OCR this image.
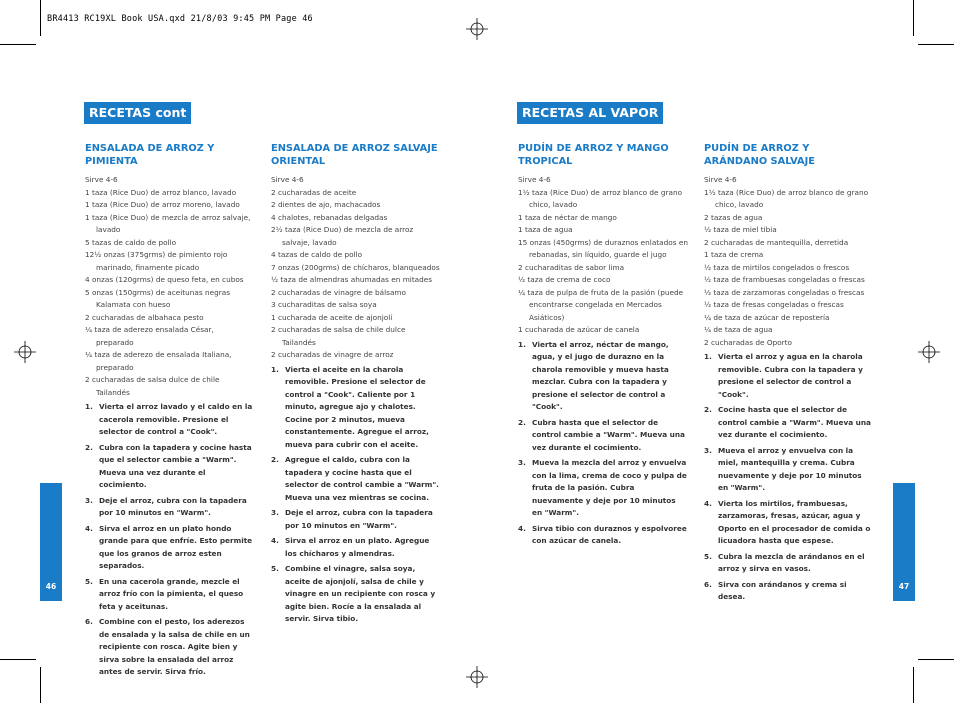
BR4413 RC19XL Book USA.qxd 21/8/03 9:45 PM Page 46
RECETAS cont	RECETAS AL VAPOR
46	47
ENSALADA DE ARROZ Y PIMIENTA
Sirve 4-6
1 taza (Rice Duo) de arroz blanco, lavado
1 taza (Rice Duo) de arroz moreno, lavado
1 taza (Rice Duo) de mezcla de arroz salvaje, lavado
5 tazas de caldo de pollo
12½ onzas (375grms) de pimiento rojo marinado, finamente picado
4 onzas (120grms) de queso feta, en cubos
5 onzas (150grms) de aceitunas negras Kalamata con hueso
2 cucharadas de albahaca pesto
¼ taza de aderezo ensalada César, preparado
¼ taza de aderezo de ensalada Italiana, preparado
2 cucharadas de salsa dulce de chile Tailandés
1. Vierta el arroz lavado y el caldo en la cacerola removible. Presione el selector de control a "Cook".
2. Cubra con la tapadera y cocine hasta que el selector cambie a "Warm". Mueva una vez durante el cocimiento.
3. Deje el arroz, cubra con la tapadera por 10 minutos en "Warm".
4. Sirva el arroz en un plato hondo grande para que enfríe. Esto permite que los granos de arroz esten separados.
5. En una cacerola grande, mezcle el arroz frío con la pimienta, el queso feta y aceitunas.
6. Combine con el pesto, los aderezos de ensalada y la salsa de chile en un recipiente con rosca. Agite bien y sirva sobre la ensalada del arroz antes de servir. Sirva frío.
ENSALADA DE ARROZ SALVAJE ORIENTAL
Sirve 4-6
2 cucharadas de aceite
2 dientes de ajo, machacados
4 chalotes, rebanadas delgadas
2½ taza (Rice Duo) de mezcla de arroz salvaje, lavado
4 tazas de caldo de pollo
7 onzas (200grms) de chícharos, blanqueados
½ taza de almendras ahumadas en mitades
2 cucharadas de vinagre de bálsamo
3 cucharaditas de salsa soya
1 cucharada de aceite de ajonjolí
2 cucharadas de salsa de chile dulce Tailandés
2 cucharadas de vinagre de arroz
1. Vierta el aceite en la charola removible. Presione el selector de control a "Cook". Caliente por 1 minuto, agregue ajo y chalotes. Cocine por 2 minutos, mueva constantemente. Agregue el arroz, mueva para cubrir con el aceite.
2. Agregue el caldo, cubra con la tapadera y cocine hasta que el selector de control cambie a "Warm". Mueva una vez mientras se cocina.
3. Deje el arroz, cubra con la tapadera por 10 minutos en "Warm".
4. Sirva el arroz en un plato. Agregue los chícharos y almendras.
5. Combine el vinagre, salsa soya, aceite de ajonjolí, salsa de chile y vinagre en un recipiente con rosca y agite bien. Rocíe a la ensalada al servir. Sirva tibio.
PUDÍN DE ARROZ Y MANGO TROPICAL
Sirve 4-6
1½ taza (Rice Duo) de arroz blanco de grano chico, lavado
1 taza de néctar de mango
1 taza de agua
15 onzas (450grms) de duraznos enlatados en rebanadas, sin líquido, guarde el jugo
2 cucharaditas de sabor lima
½ taza de crema de coco
¼ taza de pulpa de fruta de la pasión (puede encontrarse congelada en Mercados Asiáticos)
1 cucharada de azúcar de canela
1. Vierta el arroz, néctar de mango, agua, y el jugo de durazno en la charola removible y mueva hasta mezclar. Cubra con la tapadera y presione el selector de control a "Cook".
2. Cubra hasta que el selector de control cambie a "Warm". Mueva una vez durante el cocimiento.
3. Mueva la mezcla del arroz y envuelva con la lima, crema de coco y pulpa de fruta de la pasión. Cubra nuevamente y deje por 10 minutos en "Warm".
4. Sirva tibio con duraznos y espolvoree con azúcar de canela.
PUDÍN DE ARROZ Y ARÁNDANO SALVAJE
Sirve 4-6
1½ taza (Rice Duo) de arroz blanco de grano chico, lavado
2 tazas de agua
½ taza de miel tibia
2 cucharadas de mantequilla, derretida
1 taza de crema
½ taza de mirtilos congelados o frescos
½ taza de frambuesas congeladas o frescas
½ taza de zarzamoras congeladas o frescas
½ taza de fresas congeladas o frescas
¼ de taza de azúcar de repostería
¼ de taza de agua
2 cucharadas de Oporto
1. Vierta el arroz y agua en la charola removible. Cubra con la tapadera y presione el selector de control a "Cook".
2. Cocine hasta que el selector de control cambie a "Warm". Mueva una vez durante el cocimiento.
3. Mueva el arroz y envuelva con la miel, mantequilla y crema. Cubra nuevamente y deje por 10 minutos en "Warm".
4. Vierta los mirtilos, frambuesas, zarzamoras, fresas, azúcar, agua y Oporto en el procesador de comida o licuadora hasta que espese.
5. Cubra la mezcla de arándanos en el arroz y sirva en vasos.
6. Sirva con arándanos y crema si desea.
